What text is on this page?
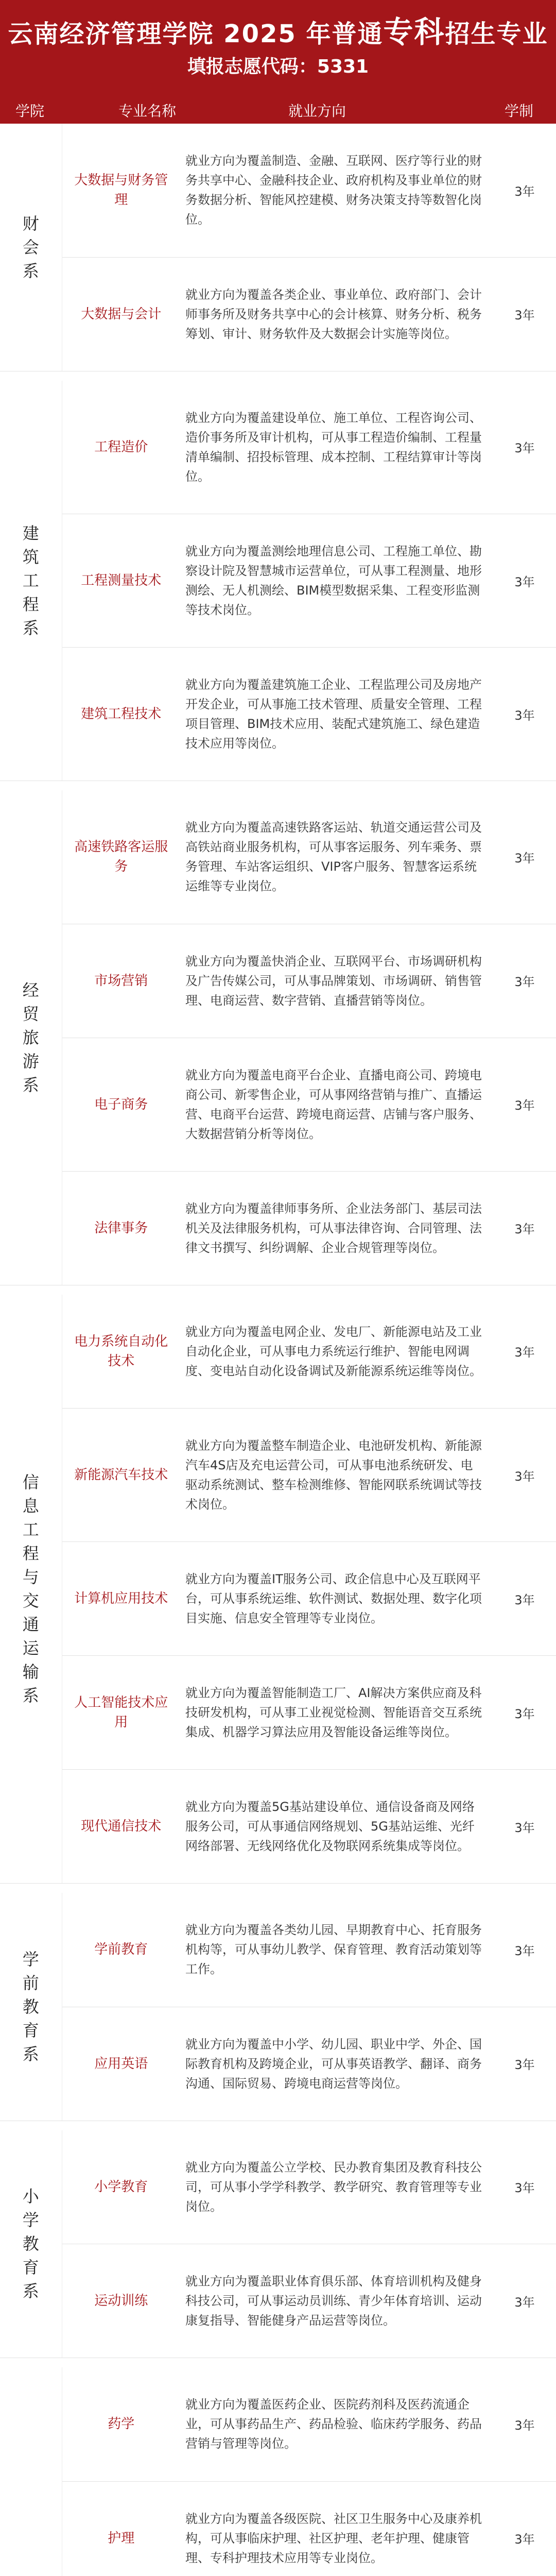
云南经济管理学院 2025 年普通专科招生专业
填报志愿代码：5331
学院	专业名称	就业方向	学制
财会系	大数据与财务管理	就业方向为覆盖制造、金融、互联网、医疗等行业的财务共享中心、金融科技企业、政府机构及事业单位的财务数据分析、智能风控建模、财务决策支持等数智化岗位。	3年
	大数据与会计	就业方向为覆盖各类企业、事业单位、政府部门、会计师事务所及财务共享中心的会计核算、财务分析、税务筹划、审计、财务软件及大数据会计实施等岗位。	3年

建筑工程系	工程造价	就业方向为覆盖建设单位、施工单位、工程咨询公司、造价事务所及审计机构，可从事工程造价编制、工程量清单编制、招投标管理、成本控制、工程结算审计等岗位。	3年
	工程测量技术	就业方向为覆盖测绘地理信息公司、工程施工单位、勘察设计院及智慧城市运营单位，可从事工程测量、地形测绘、无人机测绘、BIM模型数据采集、工程变形监测等技术岗位。	3年
	建筑工程技术	就业方向为覆盖建筑施工企业、工程监理公司及房地产开发企业，可从事施工技术管理、质量安全管理、工程项目管理、BIM技术应用、装配式建筑施工、绿色建造技术应用等岗位。	3年

经贸旅游系	高速铁路客运服务	就业方向为覆盖高速铁路客运站、轨道交通运营公司及高铁站商业服务机构，可从事客运服务、列车乘务、票务管理、车站客运组织、VIP客户服务、智慧客运系统运维等专业岗位。	3年
	市场营销	就业方向为覆盖快消企业、互联网平台、市场调研机构及广告传媒公司，可从事品牌策划、市场调研、销售管理、电商运营、数字营销、直播营销等岗位。	3年
	电子商务	就业方向为覆盖电商平台企业、直播电商公司、跨境电商公司、新零售企业，可从事网络营销与推广、直播运营、电商平台运营、跨境电商运营、店铺与客户服务、大数据营销分析等岗位。	3年
	法律事务	就业方向为覆盖律师事务所、企业法务部门、基层司法机关及法律服务机构，可从事法律咨询、合同管理、法律文书撰写、纠纷调解、企业合规管理等岗位。	3年

信息工程与交通运输系	电力系统自动化技术	就业方向为覆盖电网企业、发电厂、新能源电站及工业自动化企业，可从事电力系统运行维护、智能电网调度、变电站自动化设备调试及新能源系统运维等岗位。	3年
	新能源汽车技术	就业方向为覆盖整车制造企业、电池研发机构、新能源汽车4S店及充电运营公司，可从事电池系统研发、电驱动系统测试、整车检测维修、智能网联系统调试等技术岗位。	3年
	计算机应用技术	就业方向为覆盖IT服务公司、政企信息中心及互联网平台，可从事系统运维、软件测试、数据处理、数字化项目实施、信息安全管理等专业岗位。	3年
	人工智能技术应用	就业方向为覆盖智能制造工厂、AI解决方案供应商及科技研发机构，可从事工业视觉检测、智能语音交互系统集成、机器学习算法应用及智能设备运维等岗位。	3年
	现代通信技术	就业方向为覆盖5G基站建设单位、通信设备商及网络服务公司，可从事通信网络规划、5G基站运维、光纤网络部署、无线网络优化及物联网系统集成等岗位。	3年

学前教育系	学前教育	就业方向为覆盖各类幼儿园、早期教育中心、托育服务机构等，可从事幼儿教学、保育管理、教育活动策划等工作。	3年
	应用英语	就业方向为覆盖中小学、幼儿园、职业中学、外企、国际教育机构及跨境企业，可从事英语教学、翻译、商务沟通、国际贸易、跨境电商运营等岗位。	3年

小学教育系	小学教育	就业方向为覆盖公立学校、民办教育集团及教育科技公司，可从事小学学科教学、教学研究、教育管理等专业岗位。	3年
	运动训练	就业方向为覆盖职业体育俱乐部、体育培训机构及健身科技公司，可从事运动员训练、青少年体育培训、运动康复指导、智能健身产品运营等岗位。	3年

	药学	就业方向为覆盖医药企业、医院药剂科及医药流通企业，可从事药品生产、药品检验、临床药学服务、药品营销与管理等岗位。	3年
	护理	就业方向为覆盖各级医院、社区卫生服务中心及康养机构，可从事临床护理、社区护理、老年护理、健康管理、专科护理技术应用等专业岗位。	3年
